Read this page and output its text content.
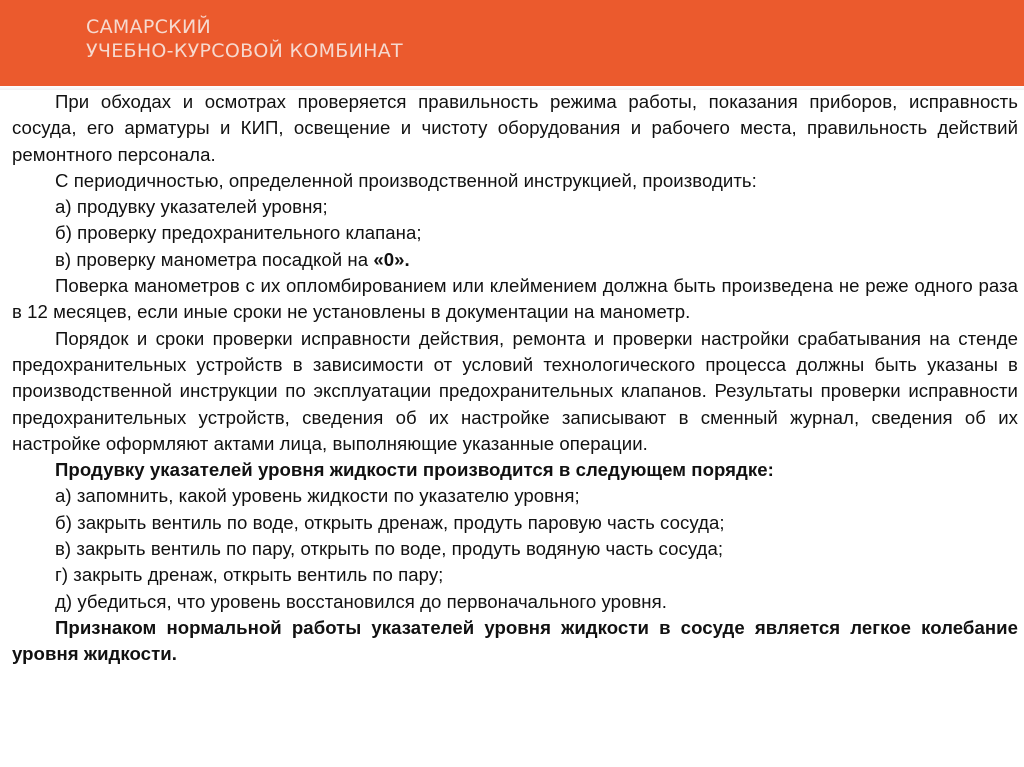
САМАРСКИЙ
УЧЕБНО-КУРСОВОЙ КОМБИНАТ

При обходах и осмотрах проверяется правильность режима работы, показания приборов, исправность сосуда, его арматуры и КИП, освещение и чистоту оборудования и рабочего места, правильность действий ремонтного персонала.

С периодичностью, определенной производственной инструкцией, производить:

а) продувку указателей уровня;

б) проверку предохранительного клапана;

в) проверку манометра посадкой на «0».

Поверка манометров с их опломбированием или клеймением должна быть произведена не реже одного раза в 12 месяцев, если иные сроки не установлены в документации на манометр.

Порядок и сроки проверки исправности действия, ремонта и проверки настройки срабатывания на стенде предохранительных устройств в зависимости от условий технологического процесса должны быть указаны в производственной инструкции по эксплуатации предохранительных клапанов. Результаты проверки исправности предохранительных устройств, сведения об их настройке записывают в сменный журнал, сведения об их настройке оформляют актами лица, выполняющие указанные операции.

Продувку указателей уровня жидкости производится в следующем порядке:

а) запомнить, какой уровень жидкости по указателю уровня;

б) закрыть вентиль по воде, открыть дренаж, продуть паровую часть сосуда;

в) закрыть вентиль по пару, открыть по воде, продуть водяную часть сосуда;

г) закрыть дренаж, открыть вентиль по пару;

д) убедиться, что уровень восстановился до первоначального уровня.

Признаком нормальной работы указателей уровня жидкости в сосуде является легкое колебание уровня жидкости.
